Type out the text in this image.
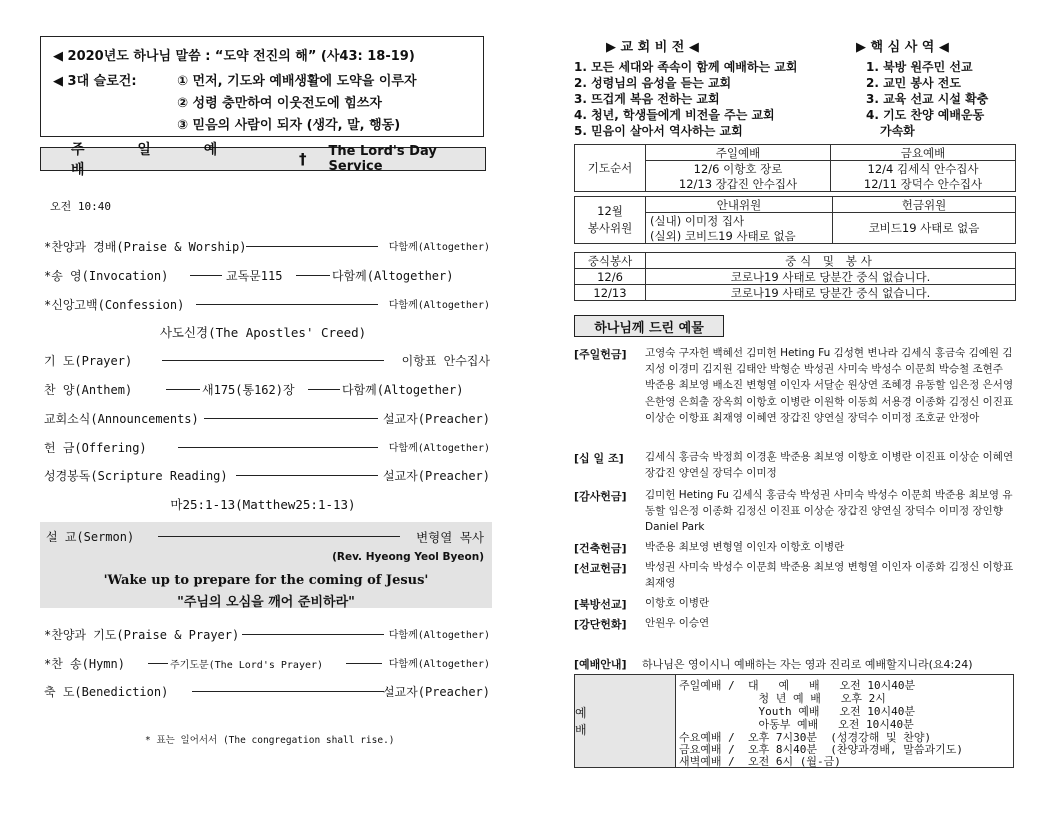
◀ 2020년도 하나님 말씀 : “도약 전진의 해” (사43: 18-19)
◀ 3대 슬로건:	① 먼저, 기도와 예배생활에 도약을 이루자
② 성령 충만하여 이웃전도에 힘쓰자
③ 믿음의 사람이 되자 (생각, 말, 행동)
주 일 예 배
† The Lord's Day Service
오전 10:40
*찬양과 경배(Praise & Worship)	다함께(Altogether)
*송 영(Invocation)	교독문115	다함께(Altogether)
*신앙고백(Confession)	다함께(Altogether)
사도신경(The Apostles' Creed)
기 도(Prayer)	이항표 안수집사
찬 양(Anthem)	새175(통162)장	다함께(Altogether)
교회소식(Announcements)	설교자(Preacher)
헌 금(Offering)	다함께(Altogether)
성경봉독(Scripture Reading)	설교자(Preacher)
마25:1-13(Matthew25:1-13)
설 교(Sermon)	변형열 목사
(Rev. Hyeong Yeol Byeon)
'Wake up to prepare for the coming of Jesus'
"주님의 오심을 깨어 준비하라"
*찬양과 기도(Praise & Prayer)	다함께(Altogether)
*찬 송(Hymn)	주기도문(The Lord's Prayer)	다함께(Altogether)
축 도(Benediction)	설교자(Preacher)
* 표는 일어서서 (The congregation shall rise.)
▶ 교 회 비 전 ◀
1. 모든 세대와 족속이 함께 예배하는 교회
2. 성령님의 음성을 듣는 교회
3. 뜨겁게 복음 전하는 교회
4. 청년, 학생들에게 비전을 주는 교회
5. 믿음이 살아서 역사하는 교회
▶ 핵 심 사 역 ◀
1. 북방 원주민 선교
2. 교민 봉사 전도
3. 교육 선교 시설 확충
4. 기도 찬양 예배운동
가속화
기도순서	주일예배	금요예배
	12/6 이항호 장로	12/4 김세식 안수집사
	12/13 장갑진 안수집사	12/11 장덕수 안수집사
12월
봉사위원	안내위원	헌금위원
	(실내) 이미정 집사	코비드19 사태로 없음
	(실외) 코비드19 사태로 없음	
중식봉사	중식 및 봉사
12/6	코로나19 사태로 당분간 중식 없습니다.
12/13	코로나19 사태로 당분간 중식 없습니다.
하나님께 드린 예물
[주일헌금] 고영숙 구자헌 백혜선 김미헌 Heting Fu 김성현 변나라 김세식 홍금숙 김예원 김지성 이경미 김지원 김태안 박형순 박성권 사미숙 박성수 이문희 박승철 조현주 박준용 최보영 배소진 변형열 이인자 서달순 원상연 조혜경 유동할 임은정 은서영 은한영 은희출 장옥희 이항호 이병란 이원학 이동희 서용경 이종화 김정신 이진표 이상순 이항표 최재영 이혜연 장갑진 양연실 장덕수 이미정 조호균 안정아
[십 일 조] 김세식 홍금숙 박정희 이경훈 박준용 최보영 이항호 이병란 이진표 이상순 이혜연 장갑진 양연실 장덕수 이미정
[감사헌금] 김미헌 Heting Fu 김세식 홍금숙 박성권 사미숙 박성수 이문희 박준용 최보영 유동할 임은정 이종화 김정신 이진표 이상순 장갑진 양연실 장덕수 이미정 장인향 Daniel Park
[건축헌금] 박준용 최보영 변형열 이인자 이항호 이병란
[선교헌금] 박성권 사미숙 박성수 이문희 박준용 최보영 변형열 이인자 이종화 김정신 이항표 최재영
[북방선교] 이항호 이병란
[강단헌화] 안원우 이승연
[예배안내] 하나님은 영이시니 예배하는 자는 영과 진리로 예배할지니라(요4:24)
예 배
주일예배 /  대   예   배   오전 10시40분
청 년 예 배   오후 2시
Youth 예배   오전 10시40분
아동부 예배   오전 10시40분
수요예배 /  오후 7시30분  (성경강해 및 찬양)
금요예배 /  오후 8시40분  (찬양과경배, 말씀과기도)
새벽예배 /  오전 6시 (월-금)
